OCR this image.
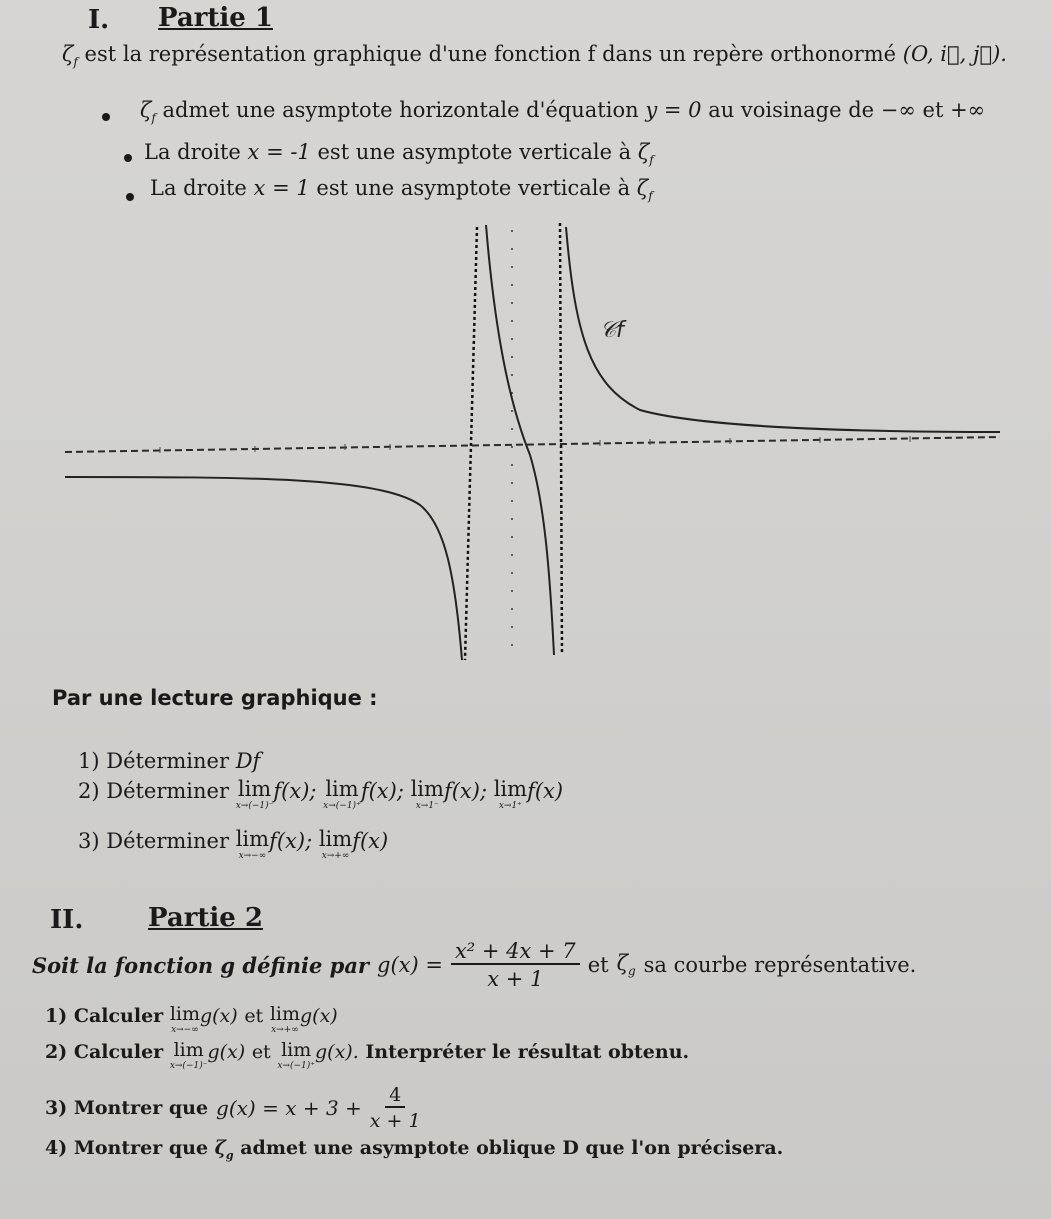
I. Partie 1
$\zeta_f$ est la représentation graphique d'une fonction f dans un repère orthonormé (O, i⃗, j⃗).
$\zeta_f$ admet une asymptote horizontale d'équation y = 0 au voisinage de −∞ et +∞
La droite x = -1 est une asymptote verticale à $\zeta_f$
La droite x = 1 est une asymptote verticale à $\zeta_f$
𝒞f
Par une lecture graphique :
1) Déterminer Df
2) Déterminer lim
x→(−1)⁻
f(x); lim
x→(−1)⁺
f(x); lim
x→1⁻
f(x); lim
x→1⁺
f(x)
3) Déterminer lim
x→−∞
f(x); lim
x→+∞
f(x)
II. Partie 2
Soit la fonction g définie par $g(x) = \frac{\text{x² + 4x + 7}}{x + 1}$ et $\zeta_g$ sa courbe représentative.
1) Calculer lim
x→−∞
g(x) et lim
x→+∞
g(x)
2) Calculer lim
x→(−1)⁻
g(x) et lim
x→(−1)⁺
g(x). Interpréter le résultat obtenu.
3) Montrer que $g(x) = x + 3 + \frac{4}{x + 1}$
4) Montrer que $\zeta_g$ admet une asymptote oblique D que l'on précisera.
